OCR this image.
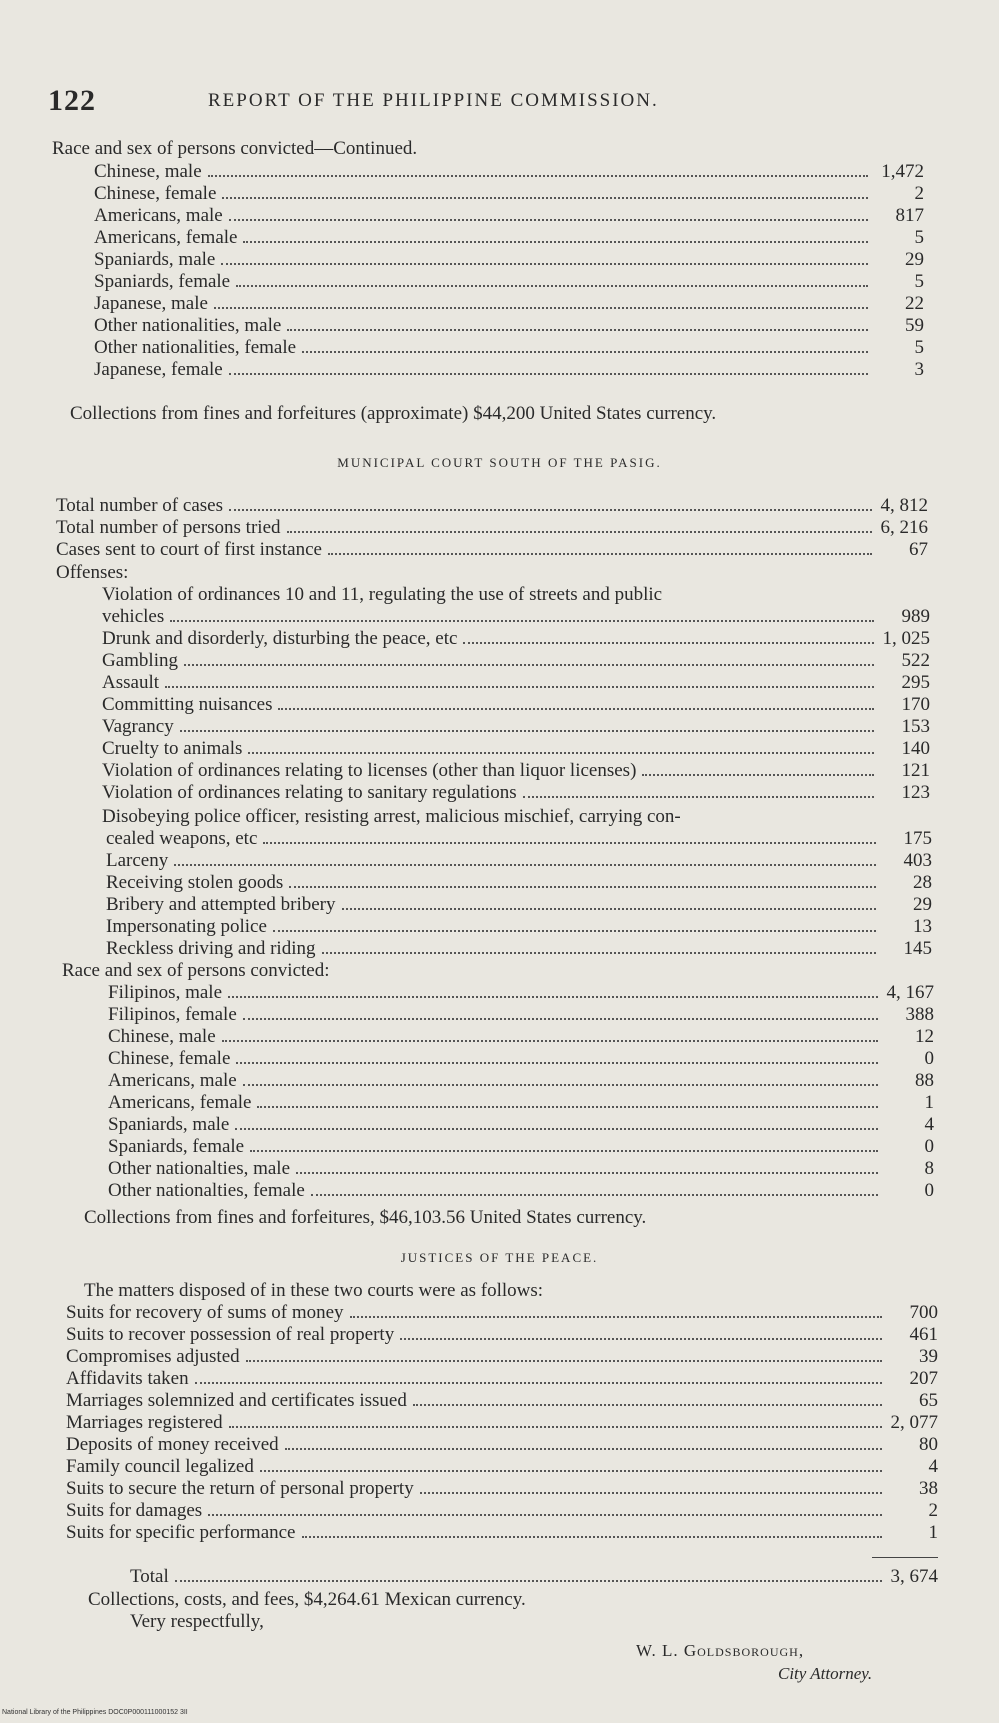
122	REPORT OF THE PHILIPPINE COMMISSION.
Race and sex of persons convicted—Continued.
Chinese, male	1,472
Chinese, female	2
Americans, male	817
Americans, female	5
Spaniards, male	29
Spaniards, female	5
Japanese, male	22
Other nationalities, male	59
Other nationalities, female	5
Japanese, female	3
Collections from fines and forfeitures (approximate) $44,200 United States currency.
MUNICIPAL COURT SOUTH OF THE PASIG.
Total number of cases	4, 812
Total number of persons tried	6, 216
Cases sent to court of first instance	67
Offenses:
Violation of ordinances 10 and 11, regulating the use of streets and public
vehicles	989
Drunk and disorderly, disturbing the peace, etc	1, 025
Gambling	522
Assault	295
Committing nuisances	170
Vagrancy	153
Cruelty to animals	140
Violation of ordinances relating to licenses (other than liquor licenses)	121
Violation of ordinances relating to sanitary regulations	123
Disobeying police officer, resisting arrest, malicious mischief, carrying con-
cealed weapons, etc	175
Larceny	403
Receiving stolen goods	28
Bribery and attempted bribery	29
Impersonating police	13
Reckless driving and riding	145
Race and sex of persons convicted:
Filipinos, male	4, 167
Filipinos, female	388
Chinese, male	12
Chinese, female	0
Americans, male	88
Americans, female	1
Spaniards, male	4
Spaniards, female	0
Other nationalties, male	8
Other nationalties, female	0
Collections from fines and forfeitures, $46,103.56 United States currency.
JUSTICES OF THE PEACE.
The matters disposed of in these two courts were as follows:
Suits for recovery of sums of money	700
Suits to recover possession of real property	461
Compromises adjusted	39
Affidavits taken	207
Marriages solemnized and certificates issued	65
Marriages registered	2, 077
Deposits of money received	80
Family council legalized	4
Suits to secure the return of personal property	38
Suits for damages	2
Suits for specific performance	1
Total	3, 674
Collections, costs, and fees, $4,264.61 Mexican currency.
Very respectfully,
W. L. Goldsborough,
City Attorney.
National Library of the Philippines DOC0P000111000152 3II
